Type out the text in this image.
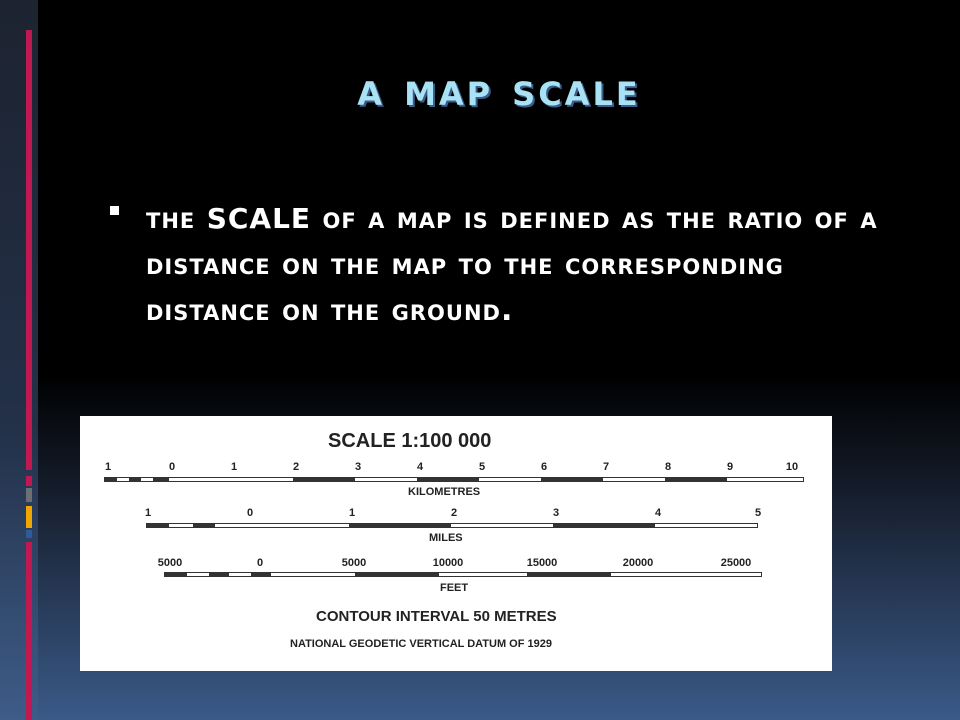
a map scale
the SCALE of a map is defined as the ratio of a distance on the map to the corresponding distance on the ground.
SCALE 1:100 000
1	0	1	2	3	4	5	6	7	8	9	10
KILOMETRES
1	0	1	2	3	4	5
MILES
5000	0	5000	10000	15000	20000	25000
FEET
CONTOUR INTERVAL 50 METRES
NATIONAL GEODETIC VERTICAL DATUM OF 1929
